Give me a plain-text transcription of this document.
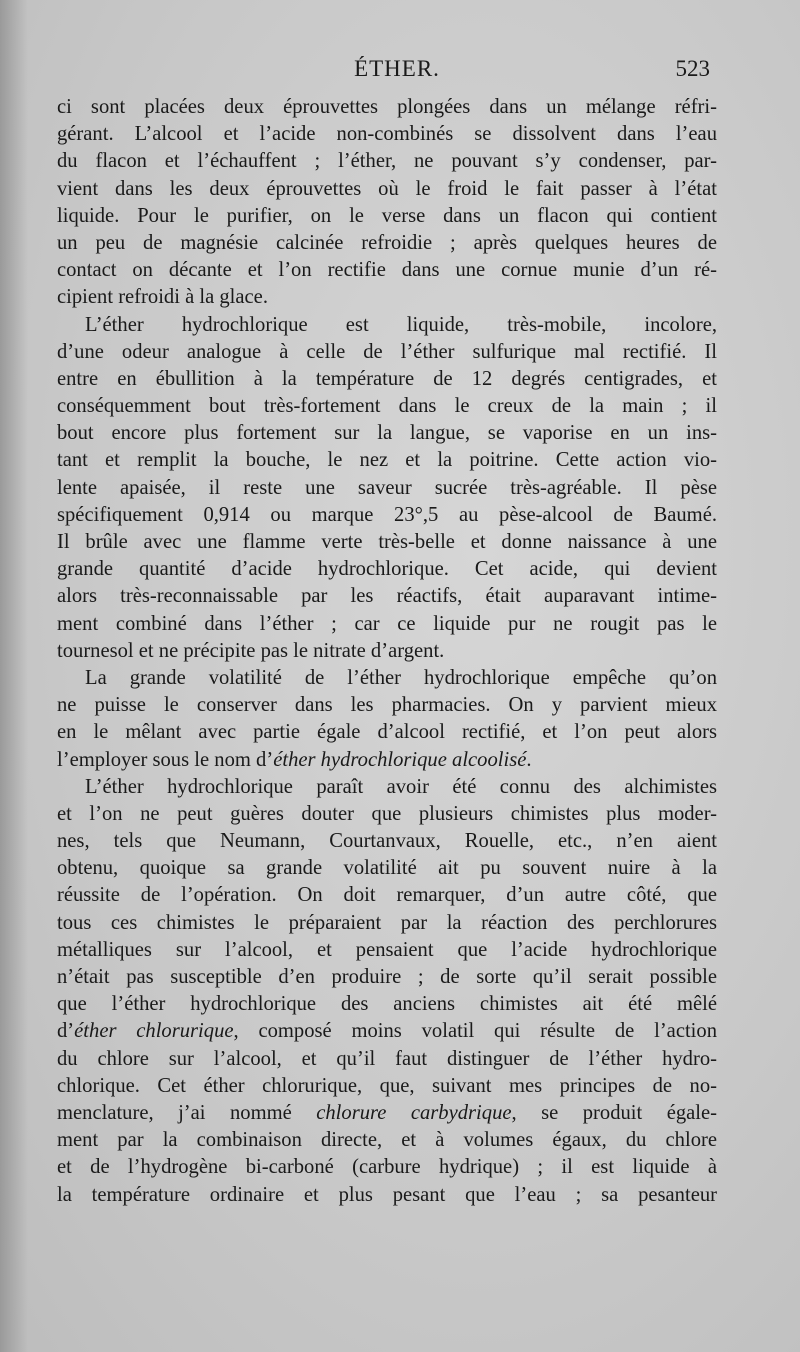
ÉTHER.	523
ci sont placées deux éprouvettes plongées dans un mélange réfri-
gérant. L’alcool et l’acide non-combinés se dissolvent dans l’eau
du flacon et l’échauffent ; l’éther, ne pouvant s’y condenser, par-
vient dans les deux éprouvettes où le froid le fait passer à l’état
liquide. Pour le purifier, on le verse dans un flacon qui contient
un peu de magnésie calcinée refroidie ; après quelques heures de
contact on décante et l’on rectifie dans une cornue munie d’un ré-
cipient refroidi à la glace.
L’éther hydrochlorique est liquide, très-mobile, incolore,
d’une odeur analogue à celle de l’éther sulfurique mal rectifié. Il
entre en ébullition à la température de 12 degrés centigrades, et
conséquemment bout très-fortement dans le creux de la main ; il
bout encore plus fortement sur la langue, se vaporise en un ins-
tant et remplit la bouche, le nez et la poitrine. Cette action vio-
lente apaisée, il reste une saveur sucrée très-agréable. Il pèse
spécifiquement 0,914 ou marque 23°,5 au pèse-alcool de Baumé.
Il brûle avec une flamme verte très-belle et donne naissance à une
grande quantité d’acide hydrochlorique. Cet acide, qui devient
alors très-reconnaissable par les réactifs, était auparavant intime-
ment combiné dans l’éther ; car ce liquide pur ne rougit pas le
tournesol et ne précipite pas le nitrate d’argent.
La grande volatilité de l’éther hydrochlorique empêche qu’on
ne puisse le conserver dans les pharmacies. On y parvient mieux
en le mêlant avec partie égale d’alcool rectifié, et l’on peut alors
l’employer sous le nom d’éther hydrochlorique alcoolisé.
L’éther hydrochlorique paraît avoir été connu des alchimistes
et l’on ne peut guères douter que plusieurs chimistes plus moder-
nes, tels que Neumann, Courtanvaux, Rouelle, etc., n’en aient
obtenu, quoique sa grande volatilité ait pu souvent nuire à la
réussite de l’opération. On doit remarquer, d’un autre côté, que
tous ces chimistes le préparaient par la réaction des perchlorures
métalliques sur l’alcool, et pensaient que l’acide hydrochlorique
n’était pas susceptible d’en produire ; de sorte qu’il serait possible
que l’éther hydrochlorique des anciens chimistes ait été mêlé
d’éther chlorurique, composé moins volatil qui résulte de l’action
du chlore sur l’alcool, et qu’il faut distinguer de l’éther hydro-
chlorique. Cet éther chlorurique, que, suivant mes principes de no-
menclature, j’ai nommé chlorure carbydrique, se produit égale-
ment par la combinaison directe, et à volumes égaux, du chlore
et de l’hydrogène bi-carboné (carbure hydrique) ; il est liquide à
la température ordinaire et plus pesant que l’eau ; sa pesanteur
